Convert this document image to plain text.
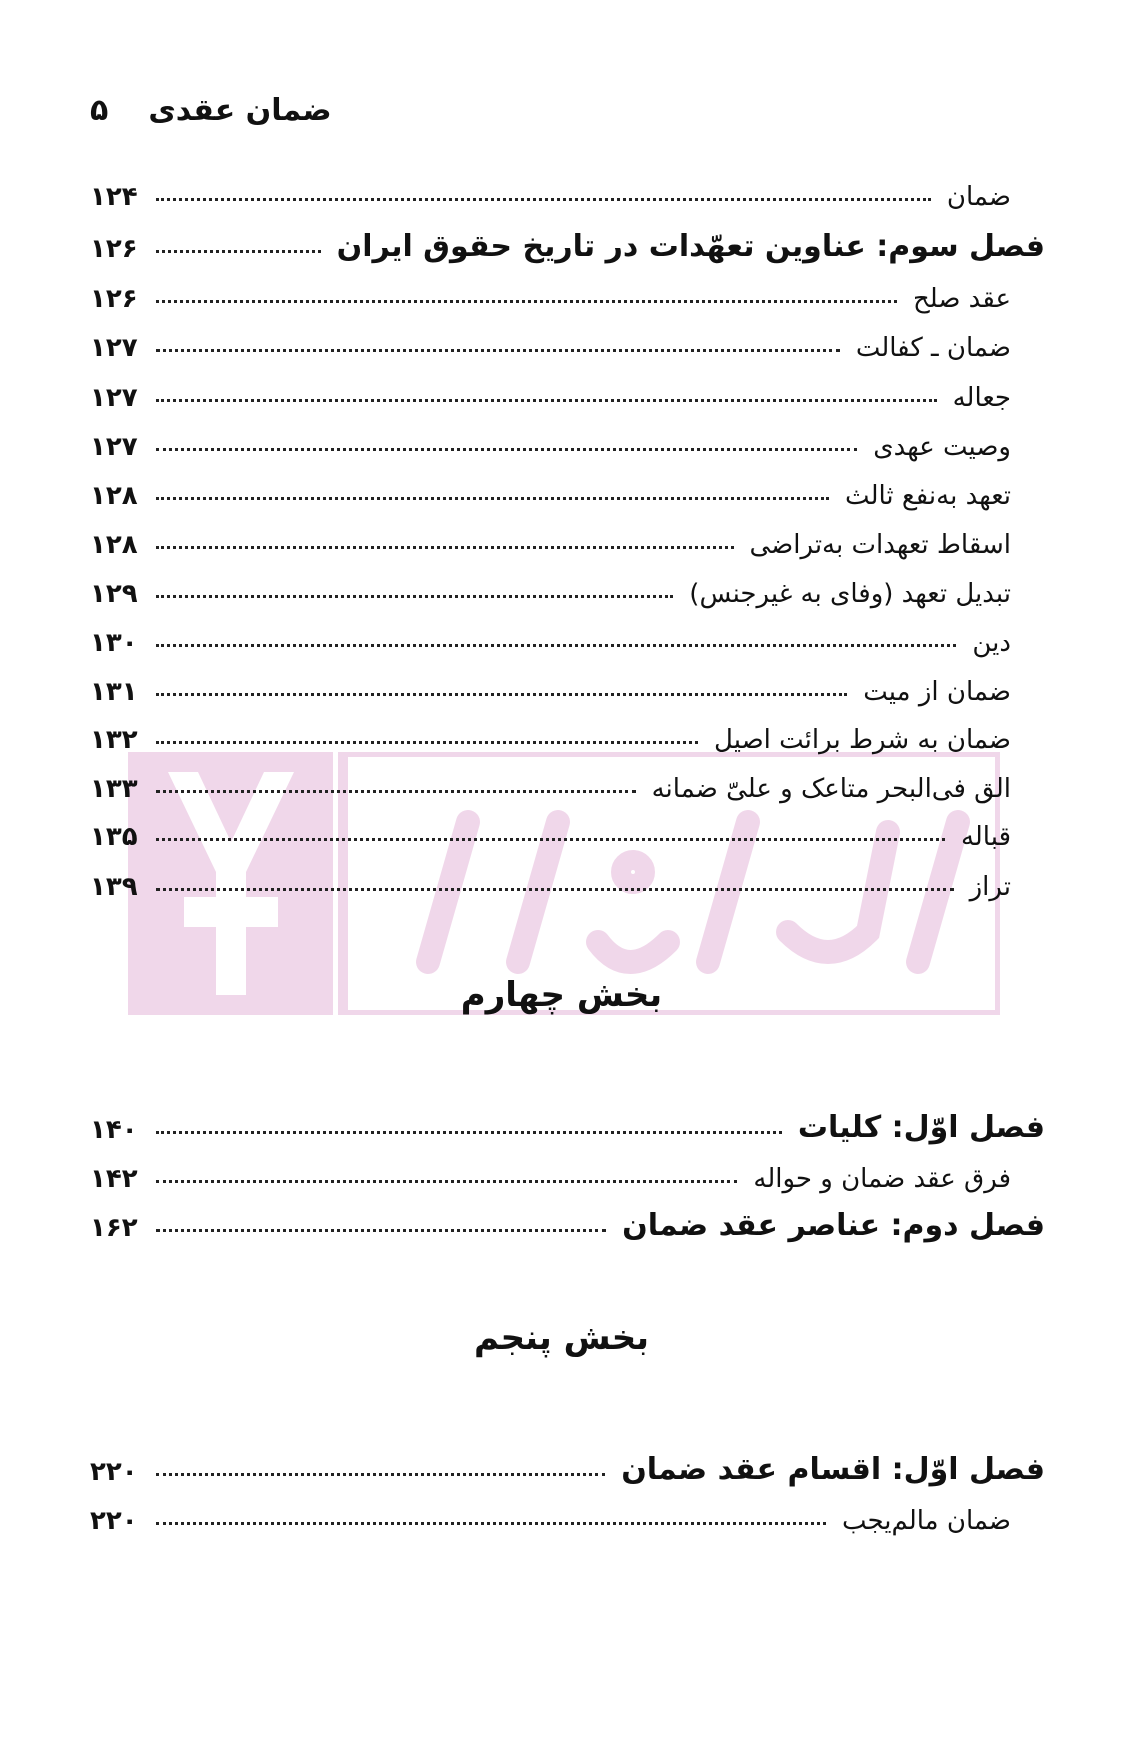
ضمان عقدی
۵
ضمان
۱۲۴
فصل سوم: عناوین تعهّدات در تاریخ حقوق ایران
۱۲۶
عقد صلح
۱۲۶
ضمان ـ کفالت
۱۲۷
جعاله
۱۲۷
وصیت عهدی
۱۲۷
تعهد به‌نفع ثالث
۱۲۸
اسقاط تعهدات به‌تراضی
۱۲۸
تبدیل تعهد (وفای به غیرجنس)
۱۲۹
دین
۱۳۰
ضمان از میت
۱۳۱
ضمان به شرط برائت اصیل
۱۳۲
الق فی‌البحر متاعک و علیّ ضمانه
۱۳۳
قباله
۱۳۵
تراز
۱۳۹
بخش چهارم
فصل اوّل: کلیات
۱۴۰
فرق عقد ضمان و حواله
۱۴۲
فصل دوم: عناصر عقد ضمان
۱۶۲
بخش پنجم
فصل اوّل: اقسام عقد ضمان
۲۲۰
ضمان مالم‌یجب
۲۲۰
